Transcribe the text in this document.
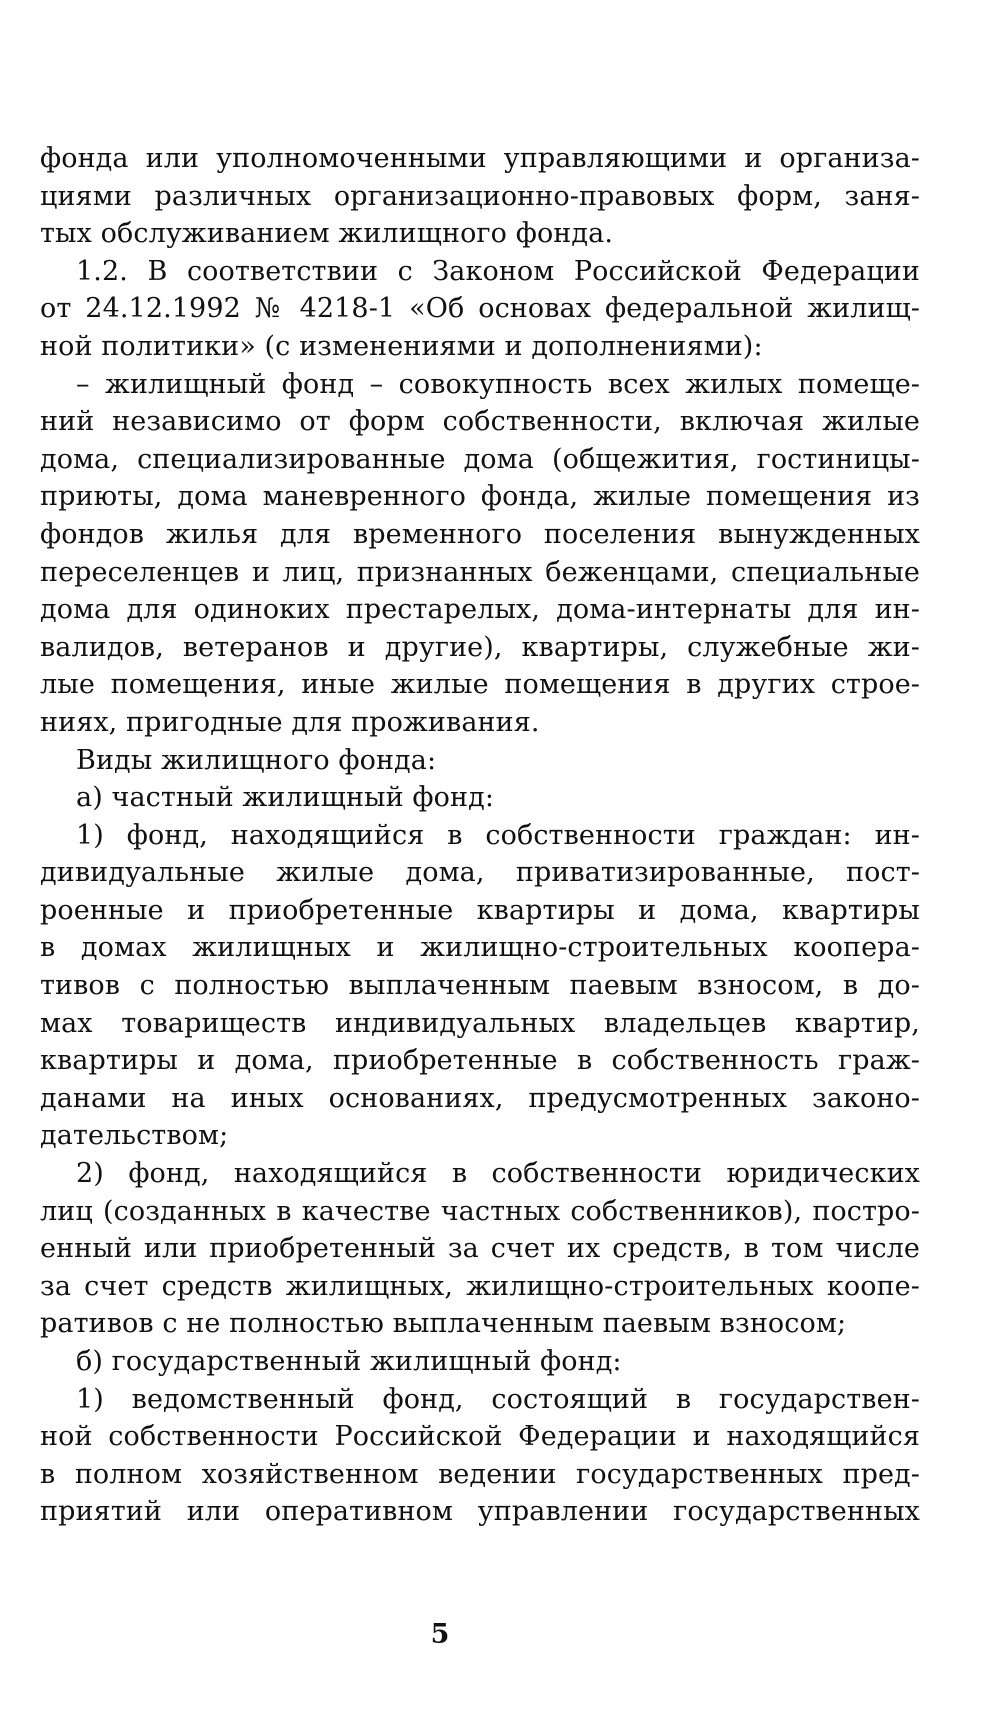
фонда или уполномоченными управляющими и организа-
циями различных организационно-правовых форм, заня-
тых обслуживанием жилищного фонда.
1.2. В соответствии с Законом Российской Федерации
от 24.12.1992 № 4218-1 «Об основах федеральной жилищ-
ной политики» (с изменениями и дополнениями):
– жилищный фонд – совокупность всех жилых помеще-
ний независимо от форм собственности, включая жилые
дома, специализированные дома (общежития, гостиницы-
приюты, дома маневренного фонда, жилые помещения из
фондов жилья для временного поселения вынужденных
переселенцев и лиц, признанных беженцами, специальные
дома для одиноких престарелых, дома-интернаты для ин-
валидов, ветеранов и другие), квартиры, служебные жи-
лые помещения, иные жилые помещения в других строе-
ниях, пригодные для проживания.
Виды жилищного фонда:
а) частный жилищный фонд:
1) фонд, находящийся в собственности граждан: ин-
дивидуальные жилые дома, приватизированные, пост-
роенные и приобретенные квартиры и дома, квартиры
в домах жилищных и жилищно-строительных коопера-
тивов с полностью выплаченным паевым взносом, в до-
мах товариществ индивидуальных владельцев квартир,
квартиры и дома, приобретенные в собственность граж-
данами на иных основаниях, предусмотренных законо-
дательством;
2) фонд, находящийся в собственности юридических
лиц (созданных в качестве частных собственников), постро-
енный или приобретенный за счет их средств, в том числе
за счет средств жилищных, жилищно-строительных коопе-
ративов с не полностью выплаченным паевым взносом;
б) государственный жилищный фонд:
1) ведомственный фонд, состоящий в государствен-
ной собственности Российской Федерации и находящийся
в полном хозяйственном ведении государственных пред-
приятий или оперативном управлении государственных
5
